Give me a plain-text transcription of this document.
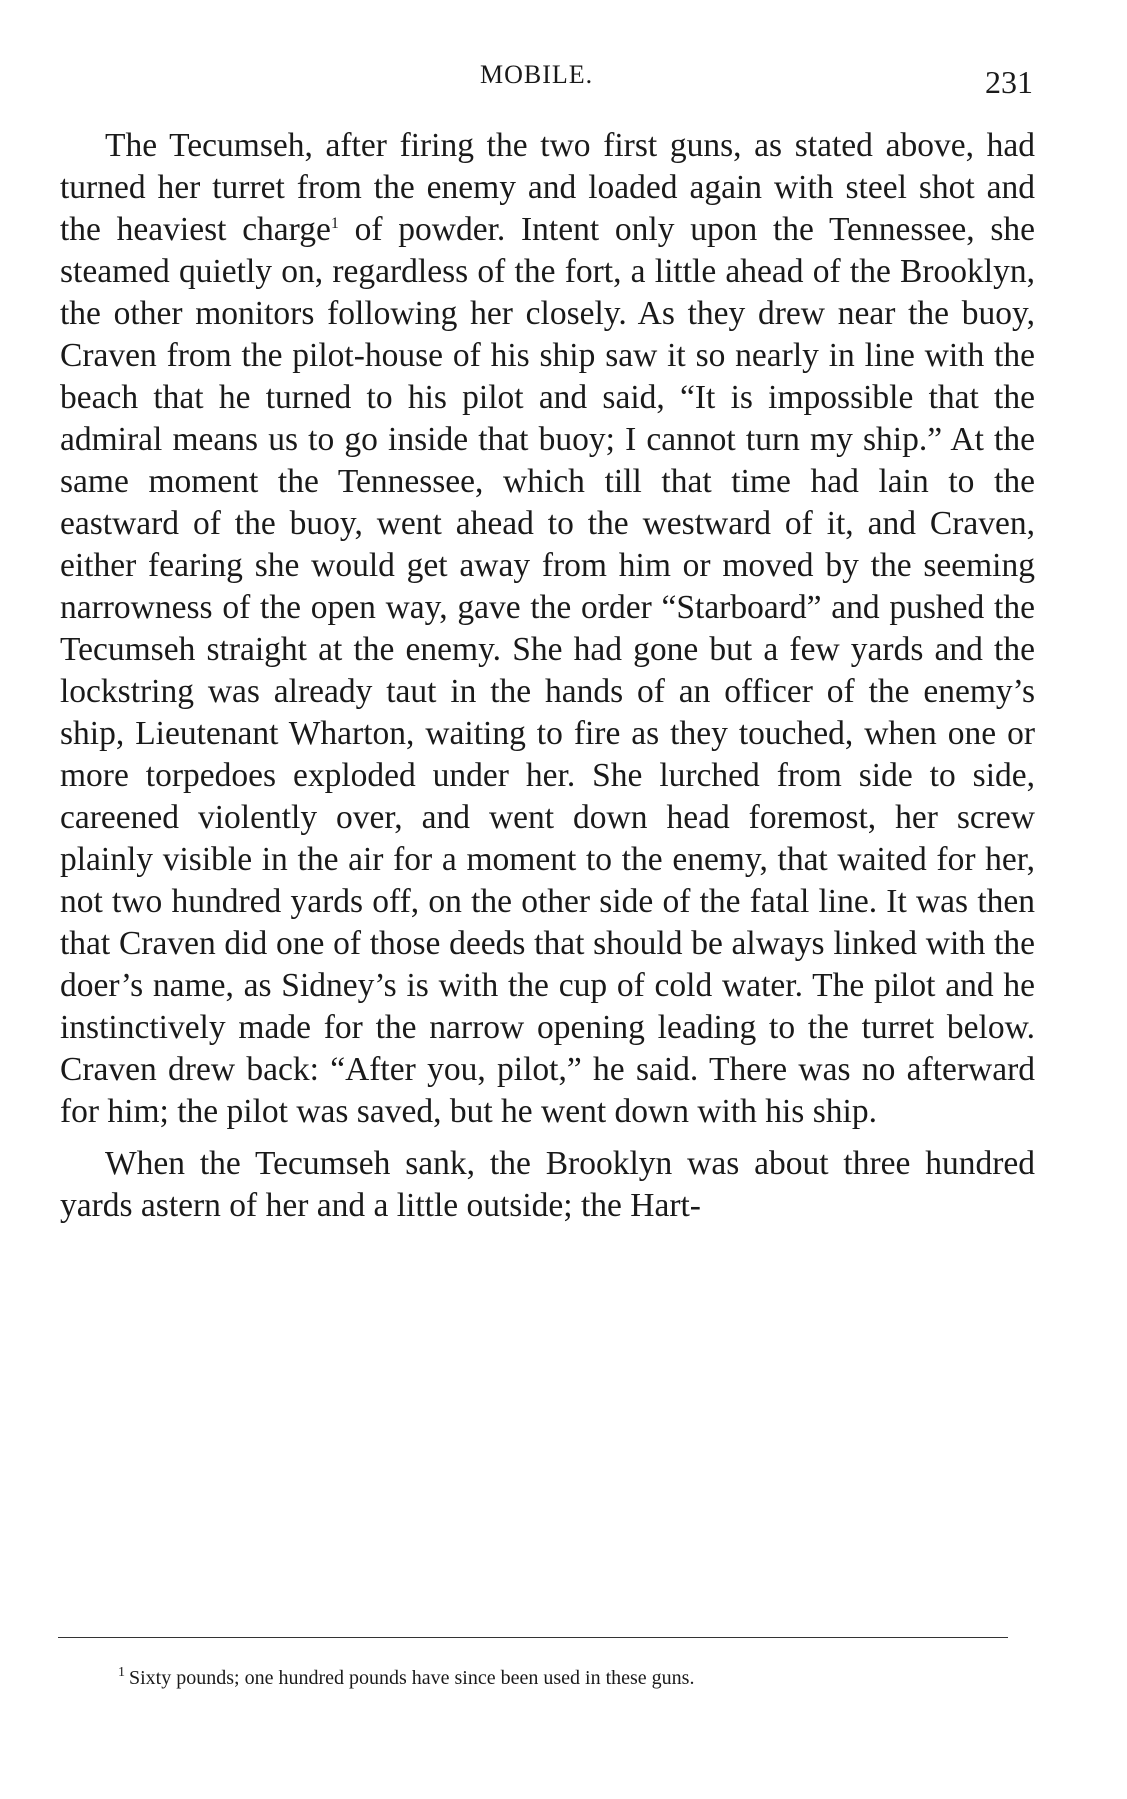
MOBILE.	231

The Tecumseh, after firing the two first guns, as stated above, had turned her turret from the enemy and loaded again with steel shot and the heaviest charge$^1$ of powder. Intent only upon the Tennessee, she steamed quietly on, regardless of the fort, a little ahead of the Brooklyn, the other monitors following her closely. As they drew near the buoy, Craven from the pilot-house of his ship saw it so nearly in line with the beach that he turned to his pilot and said, “It is impossible that the admiral means us to go inside that buoy; I cannot turn my ship.” At the same moment the Tennessee, which till that time had lain to the eastward of the buoy, went ahead to the westward of it, and Craven, either fearing she would get away from him or moved by the seeming narrowness of the open way, gave the order “Starboard” and pushed the Tecumseh straight at the enemy. She had gone but a few yards and the lockstring was already taut in the hands of an officer of the enemy’s ship, Lieutenant Wharton, waiting to fire as they touched, when one or more torpedoes exploded under her. She lurched from side to side, careened violently over, and went down head foremost, her screw plainly visible in the air for a moment to the enemy, that waited for her, not two hundred yards off, on the other side of the fatal line. It was then that Craven did one of those deeds that should be always linked with the doer’s name, as Sidney’s is with the cup of cold water. The pilot and he instinctively made for the narrow opening leading to the turret below. Craven drew back: “After you, pilot,” he said. There was no afterward for him; the pilot was saved, but he went down with his ship.

When the Tecumseh sank, the Brooklyn was about three hundred yards astern of her and a little outside; the Hart-

$^1$ Sixty pounds; one hundred pounds have since been used in these guns.
